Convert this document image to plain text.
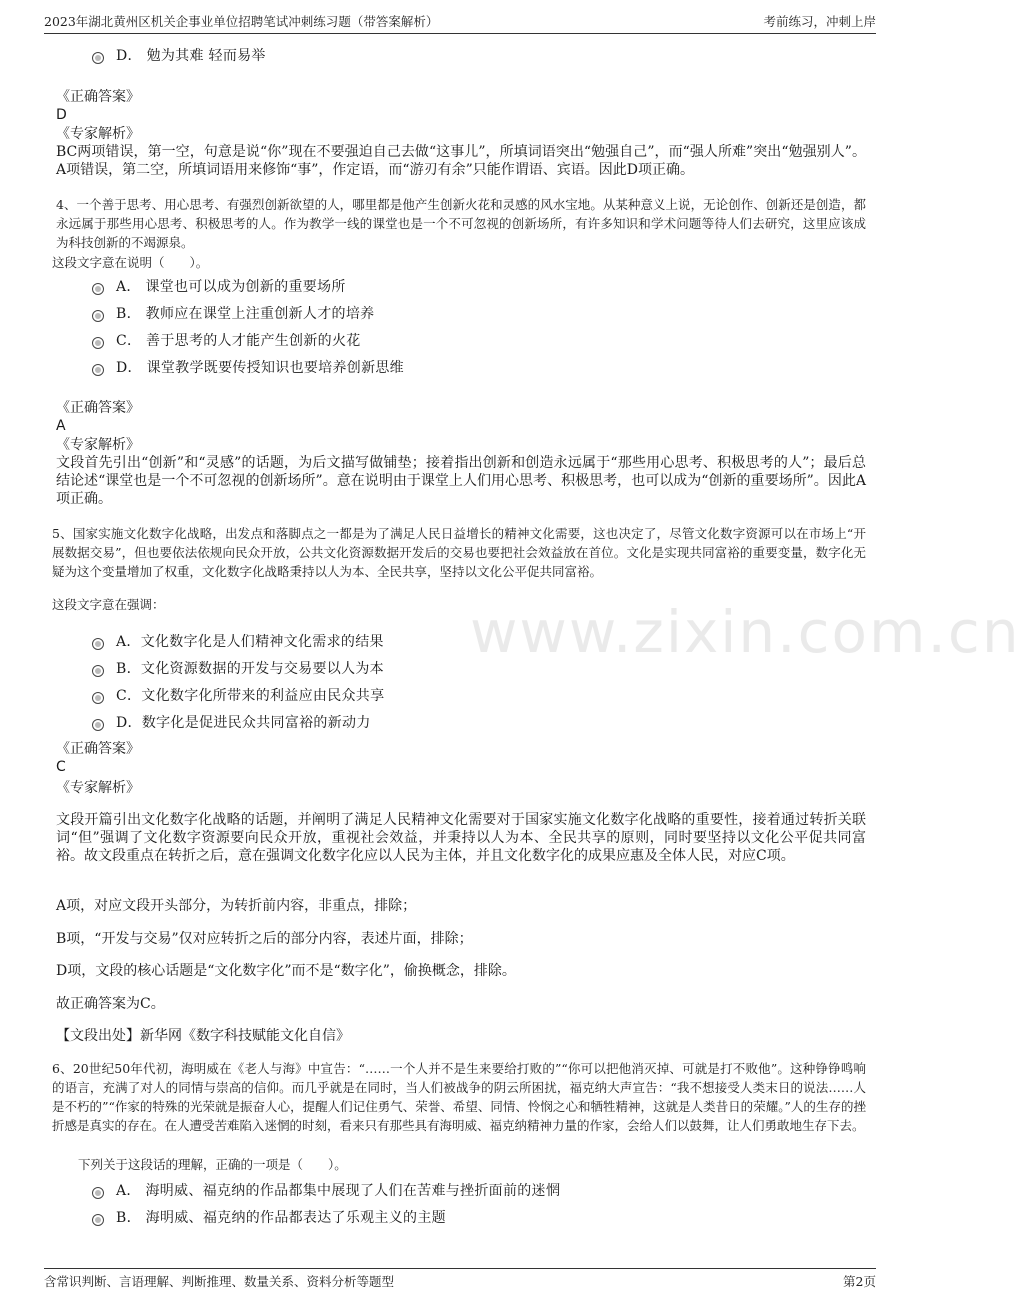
2023年湖北黄州区机关企事业单位招聘笔试冲刺练习题（带答案解析）	考前练习，冲刺上岸
www.zixin.com.cn
D． 勉为其难 轻而易举
《正确答案》
D
《专家解析》
BC两项错误，第一空，句意是说“你”现在不要强迫自己去做“这事儿”，所填词语突出“勉强自己”，而“强人所难”突出“勉强别人”。A项错误，第二空，所填词语用来修饰“事”，作定语，而“游刃有余”只能作谓语、宾语。因此D项正确。
4、一个善于思考、用心思考、有强烈创新欲望的人，哪里都是他产生创新火花和灵感的风水宝地。从某种意义上说，无论创作、创新还是创造，都永远属于那些用心思考、积极思考的人。作为教学一线的课堂也是一个不可忽视的创新场所，有许多知识和学术问题等待人们去研究，这里应该成为科技创新的不竭源泉。
这段文字意在说明（　　）。
A． 课堂也可以成为创新的重要场所
B． 教师应在课堂上注重创新人才的培养
C． 善于思考的人才能产生创新的火花
D． 课堂教学既要传授知识也要培养创新思维
《正确答案》
A
《专家解析》
文段首先引出“创新”和“灵感”的话题，为后文描写做铺垫；接着指出创新和创造永远属于“那些用心思考、积极思考的人”；最后总结论述“课堂也是一个不可忽视的创新场所”。意在说明由于课堂上人们用心思考、积极思考，也可以成为“创新的重要场所”。因此A项正确。
5、国家实施文化数字化战略，出发点和落脚点之一都是为了满足人民日益增长的精神文化需要，这也决定了，尽管文化数字资源可以在市场上“开展数据交易”，但也要依法依规向民众开放，公共文化资源数据开发后的交易也要把社会效益放在首位。文化是实现共同富裕的重要变量，数字化无疑为这个变量增加了权重，文化数字化战略秉持以人为本、全民共享，坚持以文化公平促共同富裕。
这段文字意在强调：
A．文化数字化是人们精神文化需求的结果
B．文化资源数据的开发与交易要以人为本
C．文化数字化所带来的利益应由民众共享
D．数字化是促进民众共同富裕的新动力
《正确答案》
C
《专家解析》
文段开篇引出文化数字化战略的话题，并阐明了满足人民精神文化需要对于国家实施文化数字化战略的重要性，接着通过转折关联词“但”强调了文化数字资源要向民众开放，重视社会效益，并秉持以人为本、全民共享的原则，同时要坚持以文化公平促共同富裕。故文段重点在转折之后，意在强调文化数字化应以人民为主体，并且文化数字化的成果应惠及全体人民，对应C项。
A项，对应文段开头部分，为转折前内容，非重点，排除；
B项，“开发与交易”仅对应转折之后的部分内容，表述片面，排除；
D项，文段的核心话题是“文化数字化”而不是“数字化”，偷换概念，排除。
故正确答案为C。
【文段出处】新华网《数字科技赋能文化自信》
6、20世纪50年代初，海明威在《老人与海》中宣告：“……一个人并不是生来要给打败的”“你可以把他消灭掉、可就是打不败他”。这种铮铮鸣响的语言，充满了对人的同情与崇高的信仰。而几乎就是在同时，当人们被战争的阴云所困扰，福克纳大声宣告：“我不想接受人类末日的说法……人是不朽的”“作家的特殊的光荣就是振奋人心，提醒人们记住勇气、荣誉、希望、同情、怜悯之心和牺牲精神，这就是人类昔日的荣耀。”人的生存的挫折感是真实的存在。在人遭受苦难陷入迷惘的时刻，看来只有那些具有海明威、福克纳精神力量的作家，会给人们以鼓舞，让人们勇敢地生存下去。
下列关于这段话的理解，正确的一项是（　　）。
A． 海明威、福克纳的作品都集中展现了人们在苦难与挫折面前的迷惘
B． 海明威、福克纳的作品都表达了乐观主义的主题
含常识判断、言语理解、判断推理、数量关系、资料分析等题型	第2页
